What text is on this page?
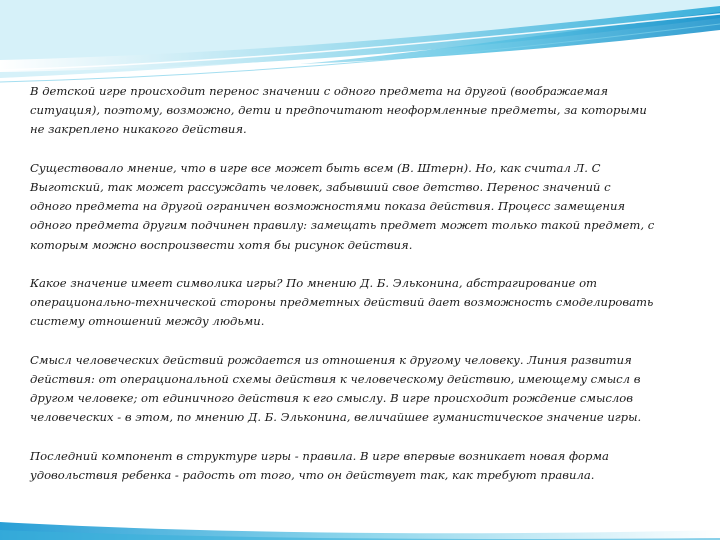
В детской игре происходит перенос значении с одного предмета на другой (воображаемая ситуация), поэтому, возможно, дети и предпочитают неоформленные предметы, за которыми не закреплено никакого действия.

Существовало мнение, что в игре все может быть всем (В. Штерн). Но, как считал Л. С Выготский, так может рассуждать человек, забывший свое детство. Перенос значений с одного предмета на другой ограничен возможностями показа действия. Процесс замещения одного предмета другим подчинен правилу: замещать предмет может только такой предмет, с которым можно воспроизвести хотя бы рисунок действия.

Какое значение имеет символика игры? По мнению Д. Б. Эльконина, абстрагирование от операционально-технической стороны предметных действий дает возможность смоделировать систему отношений между людьми.

Смысл человеческих действий рождается из отношения к другому человеку. Линия развития действия: от операциональной схемы действия к человеческому действию, имеющему смысл в другом человеке; от единичного действия к его смыслу. В игре происходит рождение смыслов человеческих - в этом, по мнению Д. Б. Эльконина, величайшее гуманистическое значение игры.

Последний компонент в структуре игры - правила. В игре впервые возникает новая форма удовольствия ребенка - радость от того, что он действует так, как требуют правила.
